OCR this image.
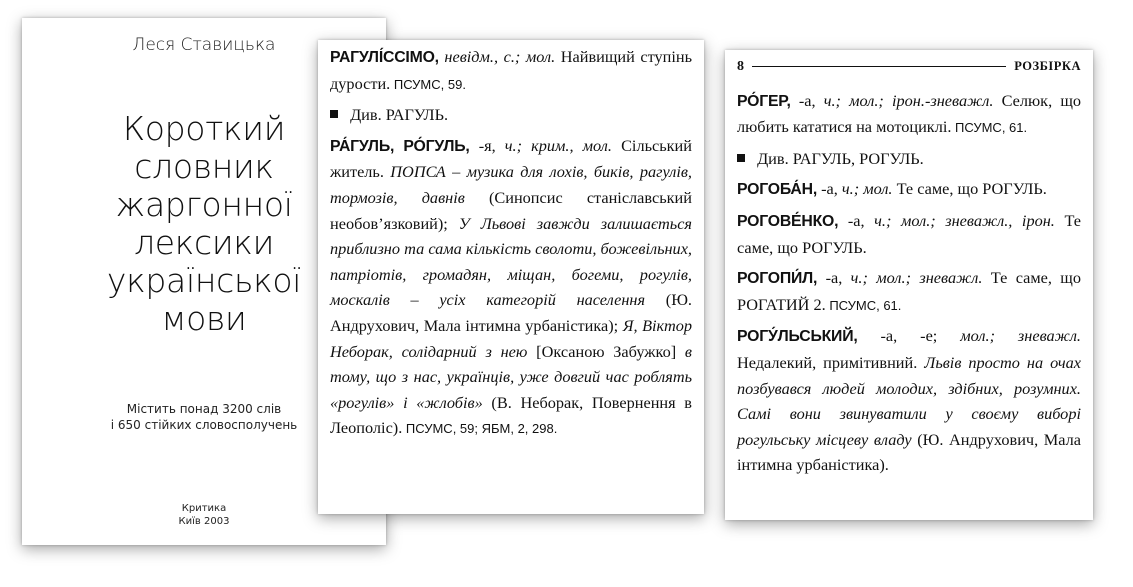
Леся Ставицька
Короткий
словник
жаргонної
лексики
української
мови
Містить понад 3200 слів
і 650 стійких словосполучень
Критика
Київ 2003
РАГУЛІ́ССІМО, невідм., с.; мол. Найвищий ступінь дурости. ПСУМС, 59.
Див. РАГУЛЬ.
РА́ГУЛЬ, РО́ГУЛЬ, -я, ч.; крим., мол. Сільський житель. ПОПСА – музика для лохів, биків, рагулів, тормозів, давнів (Синопсис станіславський необов’язковий); У Львові завжди залишається приблизно та сама кількість сволоти, божевільних, патріотів, громадян, міщан, богеми, рогулів, москалів – усіх категорій населення (Ю. Андрухович, Мала інтимна урбаністика); Я, Віктор Неборак, солідарний з нею [Оксаною Забужко] в тому, що з нас, українців, уже довгий час роблять «рогулів» і «жлобів» (В. Неборак, Повернення в Леополіс). ПСУМС, 59; ЯБМ, 2, 298.
8	РОЗБІРКА
РО́ГЕР, -а, ч.; мол.; ірон.-зневажл. Селюк, що любить кататися на мотоциклі. ПСУМС, 61.
Див. РАГУЛЬ, РОГУЛЬ.
РОГОБА́Н, -а, ч.; мол. Те саме, що РОГУЛЬ.
РОГОВЕ́НКО, -а, ч.; мол.; зневажл., ірон. Те саме, що РОГУЛЬ.
РОГОПИ́Л, -а, ч.; мол.; зневажл. Те саме, що РОГАТИЙ 2. ПСУМС, 61.
РОГУ́ЛЬСЬКИЙ, -а, -е; мол.; зневажл. Недалекий, примітивний. Львів просто на очах позбувався людей молодих, здібних, розумних. Самі вони звинуватили у своєму виборі рогульську місцеву владу (Ю. Андрухович, Мала інтимна урбаністика).
